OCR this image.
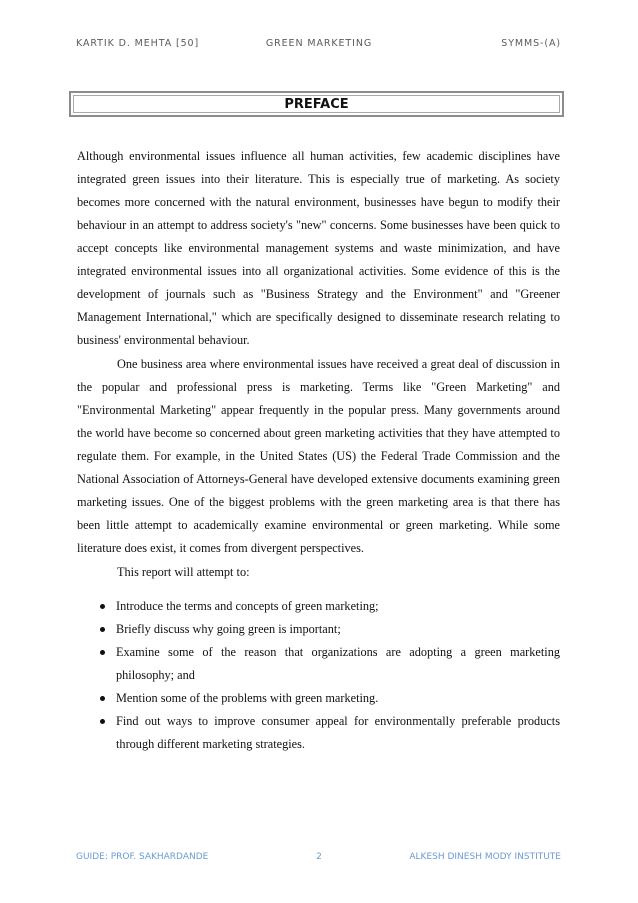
KARTIK D. MEHTA [50]	GREEN MARKETING	SYMMS-(A)
PREFACE

Although environmental issues influence all human activities, few academic disciplines have integrated green issues into their literature. This is especially true of marketing. As society becomes more concerned with the natural environment, businesses have begun to modify their behaviour in an attempt to address society's "new" concerns. Some businesses have been quick to accept concepts like environmental management systems and waste minimization, and have integrated environmental issues into all organizational activities. Some evidence of this is the development of journals such as "Business Strategy and the Environment" and "Greener Management International," which are specifically designed to disseminate research relating to business' environmental behaviour.

One business area where environmental issues have received a great deal of discussion in the popular and professional press is marketing. Terms like "Green Marketing" and "Environmental Marketing" appear frequently in the popular press. Many governments around the world have become so concerned about green marketing activities that they have attempted to regulate them. For example, in the United States (US) the Federal Trade Commission and the National Association of Attorneys-General have developed extensive documents examining green marketing issues. One of the biggest problems with the green marketing area is that there has been little attempt to academically examine environmental or green marketing. While some literature does exist, it comes from divergent perspectives.

This report will attempt to:

Introduce the terms and concepts of green marketing;
Briefly discuss why going green is important;
Examine some of the reason that organizations are adopting a green marketing philosophy; and
Mention some of the problems with green marketing.
Find out ways to improve consumer appeal for environmentally preferable products through different marketing strategies.
GUIDE: PROF. SAKHARDANDE	2	ALKESH DINESH MODY INSTITUTE
